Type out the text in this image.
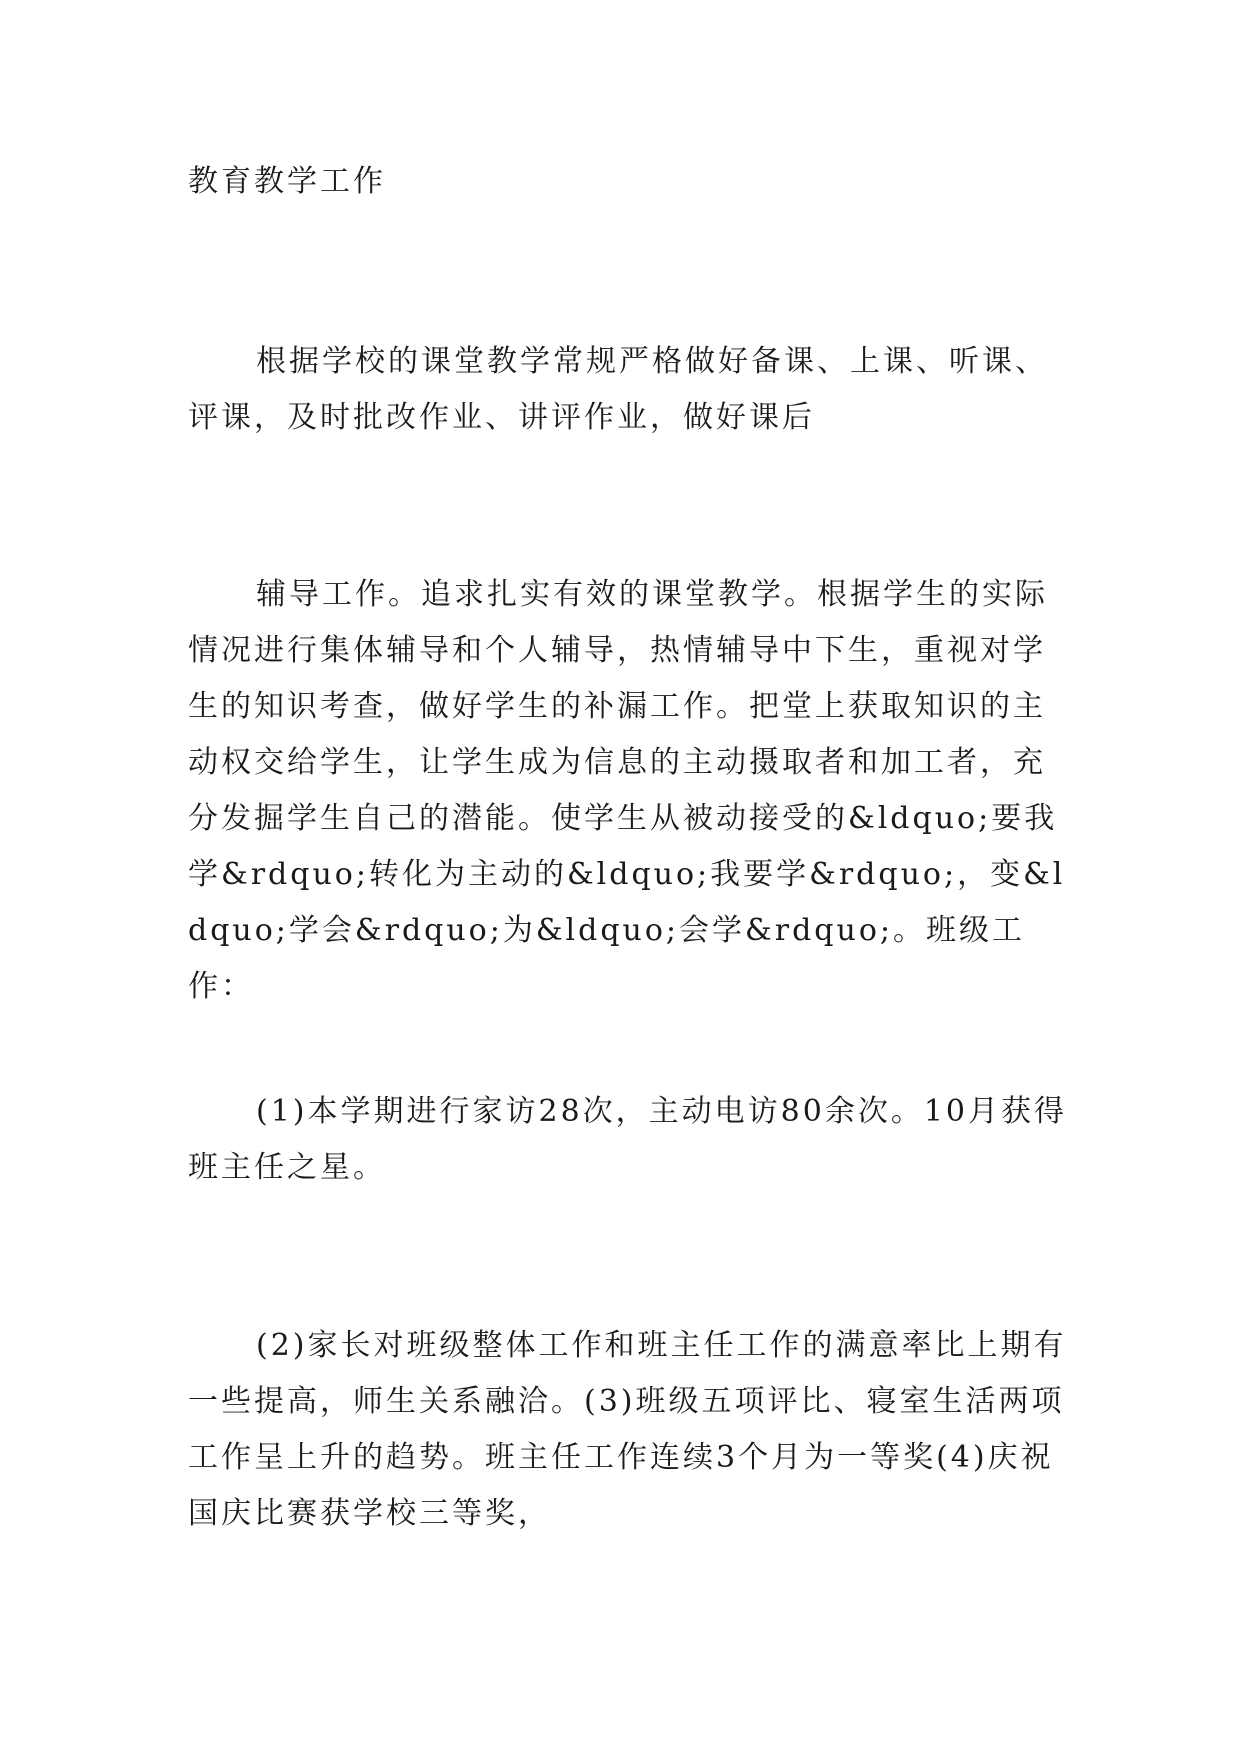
教育教学工作

根据学校的课堂教学常规严格做好备课、上课、听课、评课，及时批改作业、讲评作业，做好课后

辅导工作。追求扎实有效的课堂教学。根据学生的实际情况进行集体辅导和个人辅导，热情辅导中下生，重视对学生的知识考查，做好学生的补漏工作。把堂上获取知识的主动权交给学生，让学生成为信息的主动摄取者和加工者，充分发掘学生自己的潜能。使学生从被动接受的&ldquo;要我学&rdquo;转化为主动的&ldquo;我要学&rdquo;，变&ldquo;学会&rdquo;为&ldquo;会学&rdquo;。班级工作：

(1)本学期进行家访28次，主动电访80余次。10月获得班主任之星。

(2)家长对班级整体工作和班主任工作的满意率比上期有一些提高，师生关系融洽。(3)班级五项评比、寝室生活两项工作呈上升的趋势。班主任工作连续3个月为一等奖(4)庆祝国庆比赛获学校三等奖，
